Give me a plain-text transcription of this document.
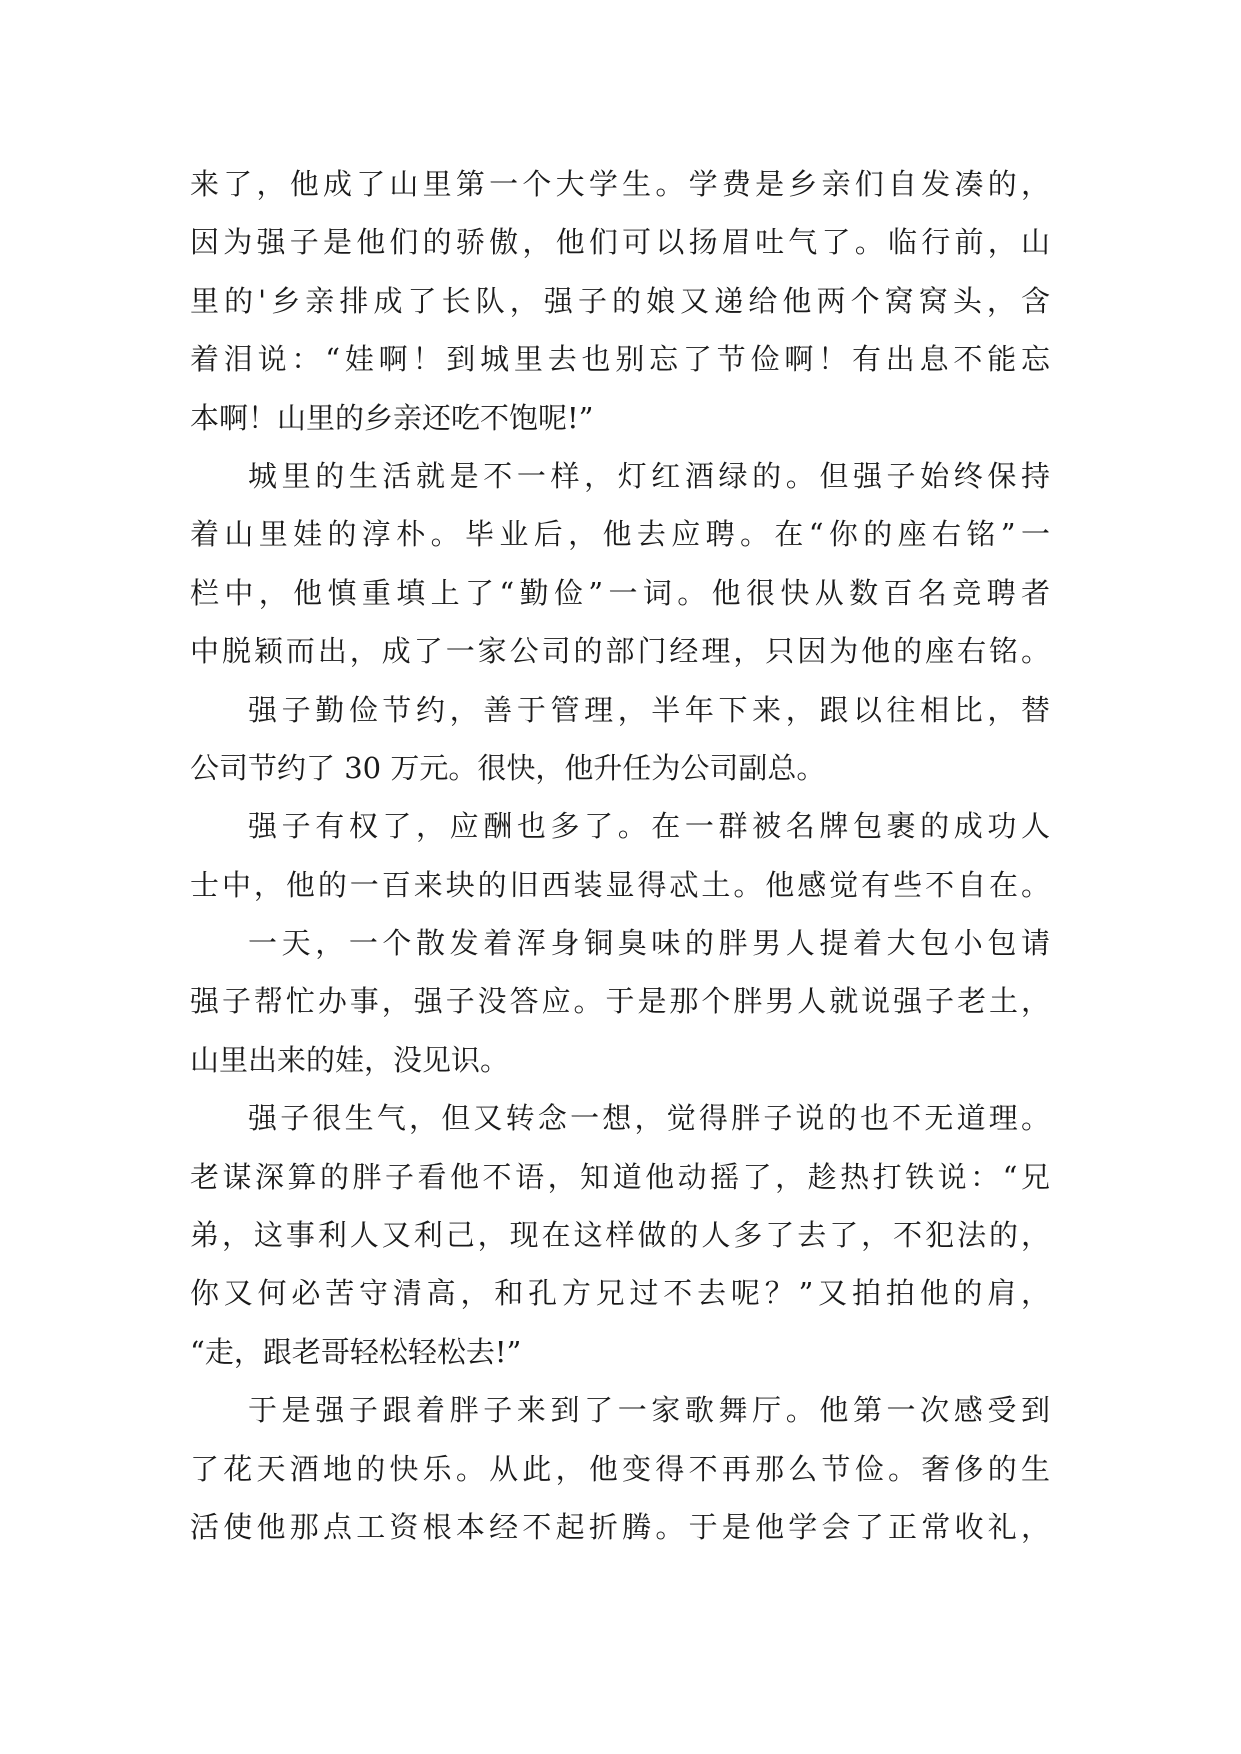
来了，他成了山里第一个大学生。学费是乡亲们自发凑的，
因为强子是他们的骄傲，他们可以扬眉吐气了。临行前，山
里的'乡亲排成了长队，强子的娘又递给他两个窝窝头，含
着泪说：“娃啊！到城里去也别忘了节俭啊！有出息不能忘
本啊！山里的乡亲还吃不饱呢!”
城里的生活就是不一样，灯红酒绿的。但强子始终保持
着山里娃的淳朴。毕业后，他去应聘。在“你的座右铭”一
栏中，他慎重填上了“勤俭”一词。他很快从数百名竞聘者
中脱颖而出，成了一家公司的部门经理，只因为他的座右铭。
强子勤俭节约，善于管理，半年下来，跟以往相比，替
公司节约了 30 万元。很快，他升任为公司副总。
强子有权了，应酬也多了。在一群被名牌包裹的成功人
士中，他的一百来块的旧西装显得忒土。他感觉有些不自在。
一天，一个散发着浑身铜臭味的胖男人提着大包小包请
强子帮忙办事，强子没答应。于是那个胖男人就说强子老土，
山里出来的娃，没见识。
强子很生气，但又转念一想，觉得胖子说的也不无道理。
老谋深算的胖子看他不语，知道他动摇了，趁热打铁说：“兄
弟，这事利人又利己，现在这样做的人多了去了，不犯法的，
你又何必苦守清高，和孔方兄过不去呢？”又拍拍他的肩，
“走，跟老哥轻松轻松去!”
于是强子跟着胖子来到了一家歌舞厅。他第一次感受到
了花天酒地的快乐。从此，他变得不再那么节俭。奢侈的生
活使他那点工资根本经不起折腾。于是他学会了正常收礼，
